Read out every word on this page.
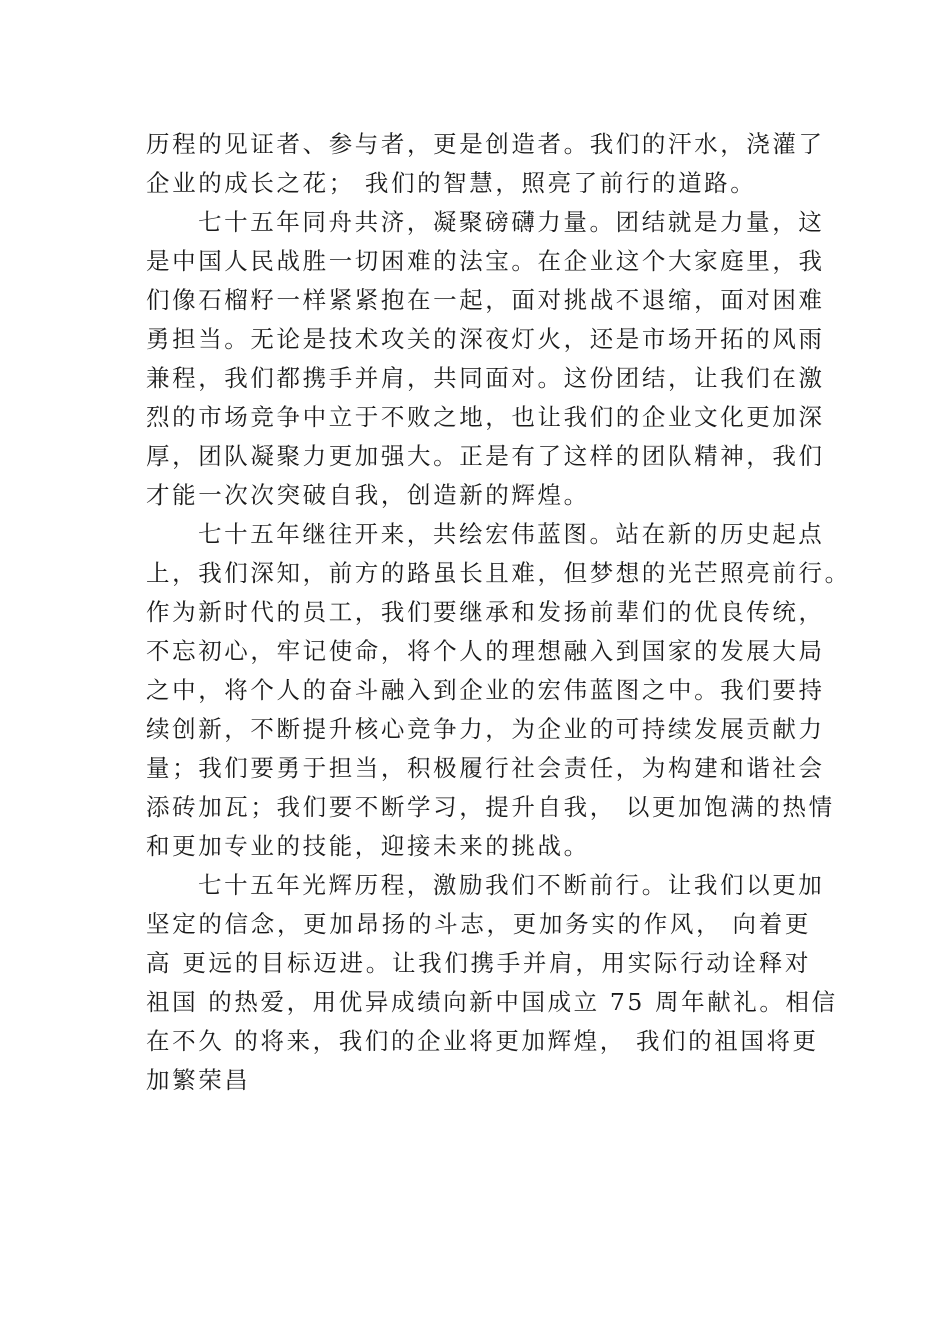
历程的见证者、参与者，更是创造者。我们的汗水，浇灌了

企业的成长之花； 我们的智慧，照亮了前行的道路。

七十五年同舟共济，凝聚磅礴力量。团结就是力量，这

是中国人民战胜一切困难的法宝。在企业这个大家庭里，我

们像石榴籽一样紧紧抱在一起，面对挑战不退缩，面对困难

勇担当。无论是技术攻关的深夜灯火，还是市场开拓的风雨

兼程，我们都携手并肩，共同面对。这份团结，让我们在激

烈的市场竞争中立于不败之地，也让我们的企业文化更加深

厚，团队凝聚力更加强大。正是有了这样的团队精神，我们

才能一次次突破自我，创造新的辉煌。

七十五年继往开来，共绘宏伟蓝图。站在新的历史起点

上，我们深知，前方的路虽长且难，但梦想的光芒照亮前行。

作为新时代的员工，我们要继承和发扬前辈们的优良传统，

不忘初心，牢记使命，将个人的理想融入到国家的发展大局

之中，将个人的奋斗融入到企业的宏伟蓝图之中。我们要持

续创新，不断提升核心竞争力，为企业的可持续发展贡献力

量；我们要勇于担当，积极履行社会责任，为构建和谐社会

添砖加瓦；我们要不断学习，提升自我， 以更加饱满的热情

和更加专业的技能，迎接未来的挑战。

七十五年光辉历程，激励我们不断前行。让我们以更加

坚定的信念，更加昂扬的斗志，更加务实的作风， 向着更

高 更远的目标迈进。让我们携手并肩，用实际行动诠释对

祖国 的热爱，用优异成绩向新中国成立 75 周年献礼。相信

在不久 的将来，我们的企业将更加辉煌， 我们的祖国将更

加繁荣昌
